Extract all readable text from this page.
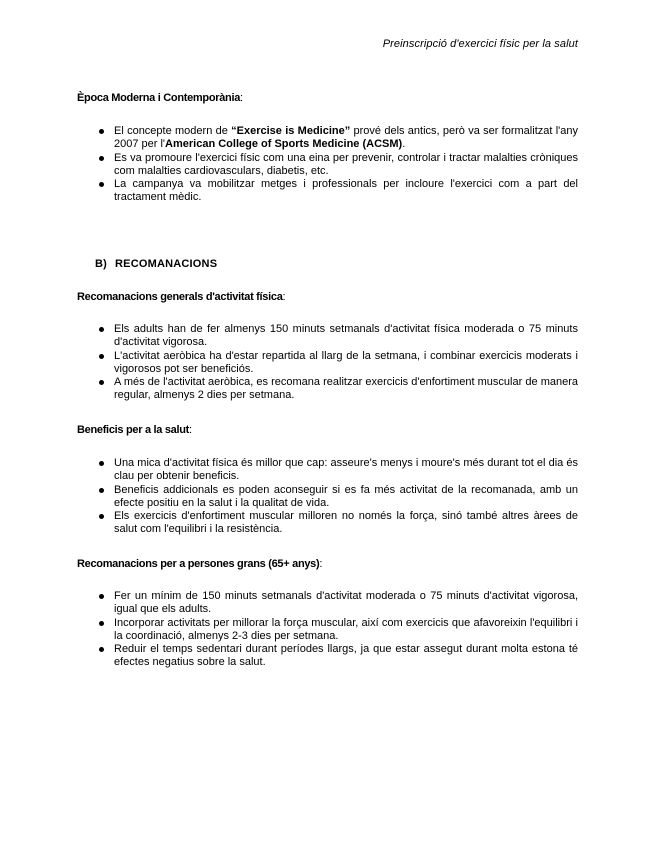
Preinscripció d'exercici físic per la salut
Època Moderna i Contemporània:
El concepte modern de “Exercise is Medicine” prové dels antics, però va ser formalitzat l'any 2007 per l'American College of Sports Medicine (ACSM).
Es va promoure l'exercici físic com una eina per prevenir, controlar i tractar malalties cròniques com malalties cardiovasculars, diabetis, etc.
La campanya va mobilitzar metges i professionals per incloure l'exercici com a part del tractament mèdic.
B) RECOMANACIONS
Recomanacions generals d'activitat física:
Els adults han de fer almenys 150 minuts setmanals d'activitat física moderada o 75 minuts d'activitat vigorosa.
L'activitat aeròbica ha d'estar repartida al llarg de la setmana, i combinar exercicis moderats i vigorosos pot ser beneficiós.
A més de l'activitat aeròbica, es recomana realitzar exercicis d'enfortiment muscular de manera regular, almenys 2 dies per setmana.
Beneficis per a la salut:
Una mica d'activitat física és millor que cap: asseure's menys i moure's més durant tot el dia és clau per obtenir beneficis.
Beneficis addicionals es poden aconseguir si es fa més activitat de la recomanada, amb un efecte positiu en la salut i la qualitat de vida.
Els exercicis d'enfortiment muscular milloren no només la força, sinó també altres àrees de salut com l'equilibri i la resistència.
Recomanacions per a persones grans (65+ anys):
Fer un mínim de 150 minuts setmanals d'activitat moderada o 75 minuts d'activitat vigorosa, igual que els adults.
Incorporar activitats per millorar la força muscular, així com exercicis que afavoreixin l'equilibri i la coordinació, almenys 2-3 dies per setmana.
Reduir el temps sedentari durant períodes llargs, ja que estar assegut durant molta estona té efectes negatius sobre la salut.
